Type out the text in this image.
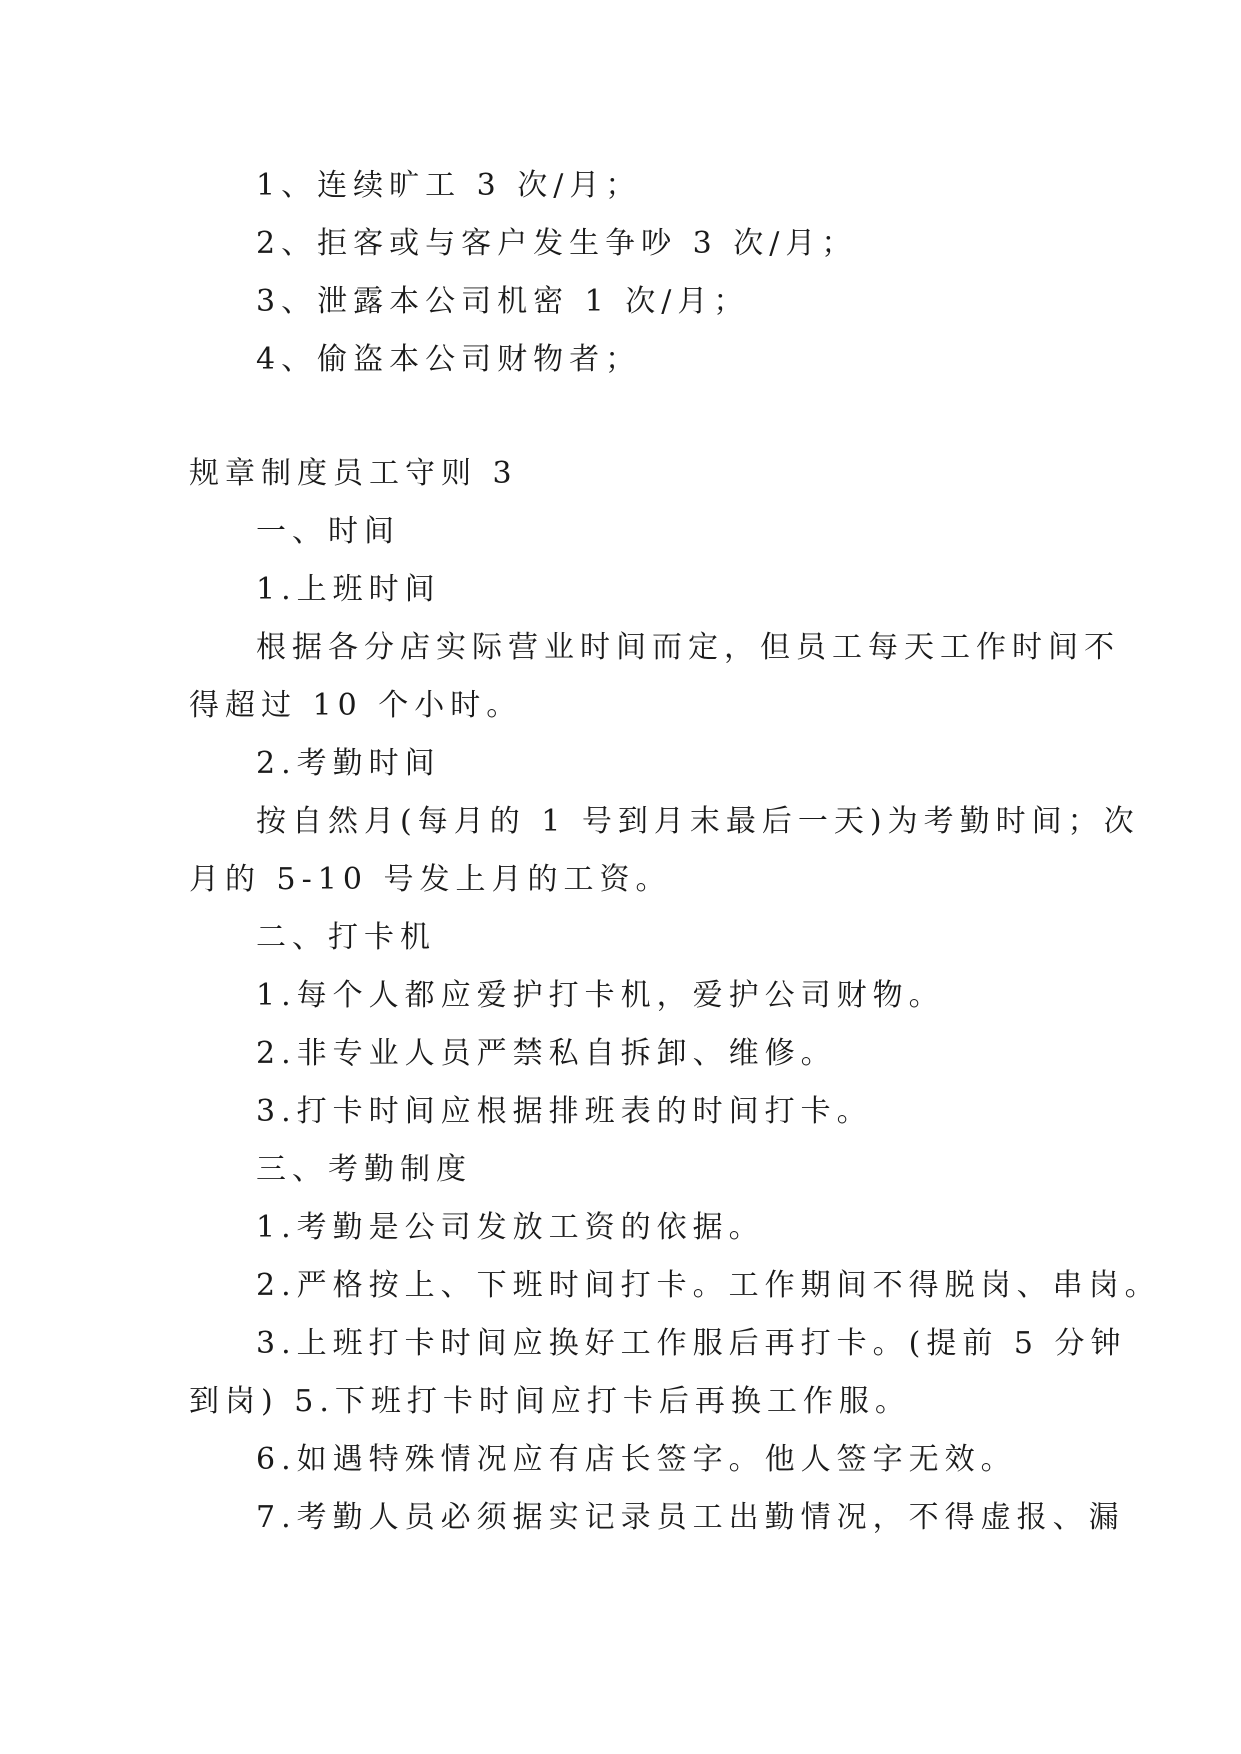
1、连续旷工 3 次/月；
2、拒客或与客户发生争吵 3 次/月；
3、泄露本公司机密 1 次/月；
4、偷盗本公司财物者；
规章制度员工守则 3
一、时间
1.上班时间
根据各分店实际营业时间而定，但员工每天工作时间不
得超过 10 个小时。
2.考勤时间
按自然月(每月的 1 号到月末最后一天)为考勤时间；次
月的 5-10 号发上月的工资。
二、打卡机
1.每个人都应爱护打卡机，爱护公司财物。
2.非专业人员严禁私自拆卸、维修。
3.打卡时间应根据排班表的时间打卡。
三、考勤制度
1.考勤是公司发放工资的依据。
2.严格按上、下班时间打卡。工作期间不得脱岗、串岗。
3.上班打卡时间应换好工作服后再打卡。(提前 5 分钟
到岗) 5.下班打卡时间应打卡后再换工作服。
6.如遇特殊情况应有店长签字。他人签字无效。
7.考勤人员必须据实记录员工出勤情况，不得虚报、漏
